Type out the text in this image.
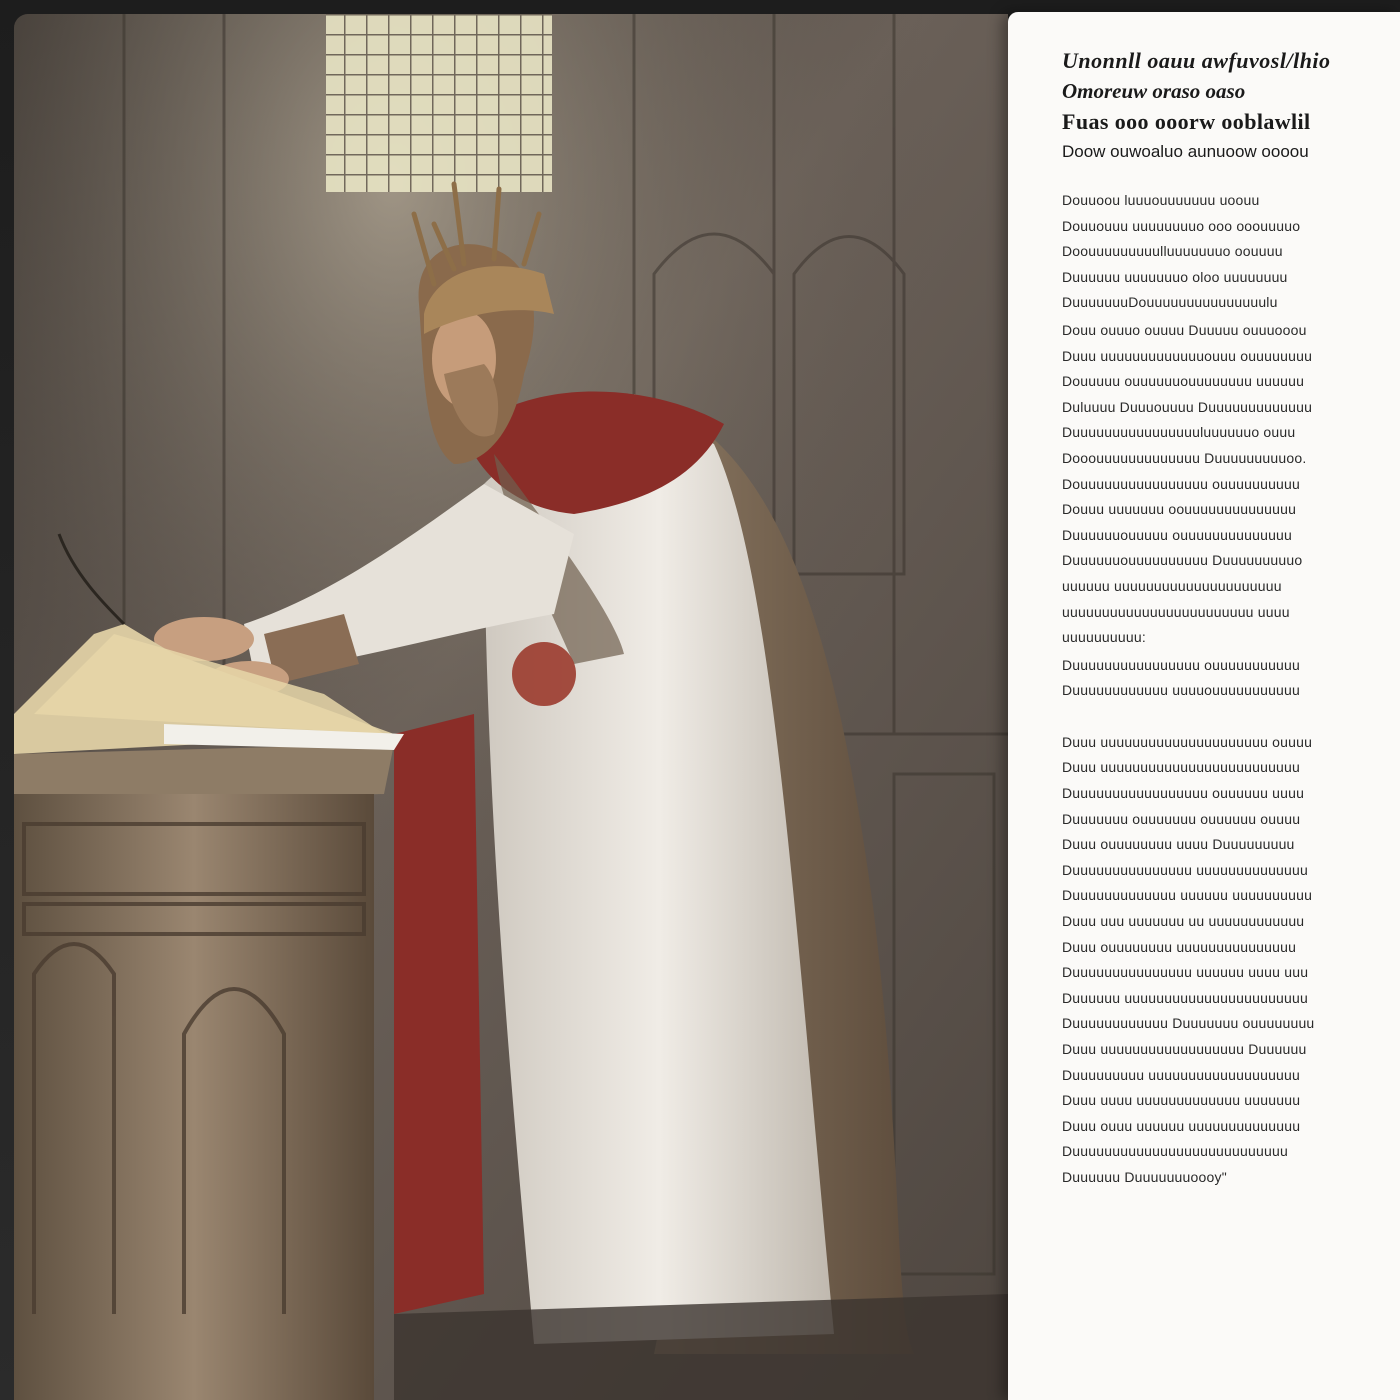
Unonnll oauu awfuvosl/lhio
Omoreuw oraso oaso
Fuas ooo ooorw ooblawlil
Doow ouwoaluo aunuoow oooou
Douuoou luuuouuuuuuu uoouu
Douuouuu uuuuuuuuo ooo ooouuuuo
Doouuuuuuuuulluuuuuuuo oouuuu
Duuuuuu uuuuuuuo oloo uuuuuuuu
DuuuuuuuDouuuuuuuuuuuuuuulu
Douu ouuuo ouuuu Duuuuu ouuuooou
Duuu uuuuuuuuuuuuuouuu ouuuuuuuu
Douuuuu ouuuuuuouuuuuuuu uuuuuu
Duluuuu Duuuouuuu Duuuuuuuuuuuuu
Duuuuuuuuuuuuuuuuluuuuuuo ouuu
Dooouuuuuuuuuuuuu Duuuuuuuuuoo.
Douuuuuuuuuuuuuuuu ouuuuuuuuuu
Douuu uuuuuuu oouuuuuuuuuuuuuu
Duuuuuuouuuuu ouuuuuuuuuuuuuu
Duuuuuuouuuuuuuuuu Duuuuuuuuuo
uuuuuu uuuuuuuuuuuuuuuuuuuuu
uuuuuuuuuuuuuuuuuuuuuuuu uuuu
uuuuuuuuuu:
Duuuuuuuuuuuuuuuu ouuuuuuuuuuu
Duuuuuuuuuuuu uuuuouuuuuuuuuuu
Duuu uuuuuuuuuuuuuuuuuuuuu ouuuu
Duuu uuuuuuuuuuuuuuuuuuuuuuuuu
Duuuuuuuuuuuuuuuuu ouuuuuu uuuu
Duuuuuuu ouuuuuuu ouuuuuu ouuuu
Duuu ouuuuuuuu uuuu Duuuuuuuuu
Duuuuuuuuuuuuuuu uuuuuuuuuuuuuu
Duuuuuuuuuuuuu uuuuuu uuuuuuuuuu
Duuu uuu uuuuuuu uu uuuuuuuuuuuu
Duuu ouuuuuuuu uuuuuuuuuuuuuuu
Duuuuuuuuuuuuuuu uuuuuu uuuu uuu
Duuuuuu uuuuuuuuuuuuuuuuuuuuuuu
Duuuuuuuuuuuu Duuuuuuu ouuuuuuuu
Duuu uuuuuuuuuuuuuuuuuu Duuuuuu
Duuuuuuuuu uuuuuuuuuuuuuuuuuuu
Duuu uuuu uuuuuuuuuuuuu uuuuuuu
Duuu ouuu uuuuuu uuuuuuuuuuuuuu
Duuuuuuuuuuuuuuuuuuuuuuuuuuu
Duuuuuu Duuuuuuuoooy"
